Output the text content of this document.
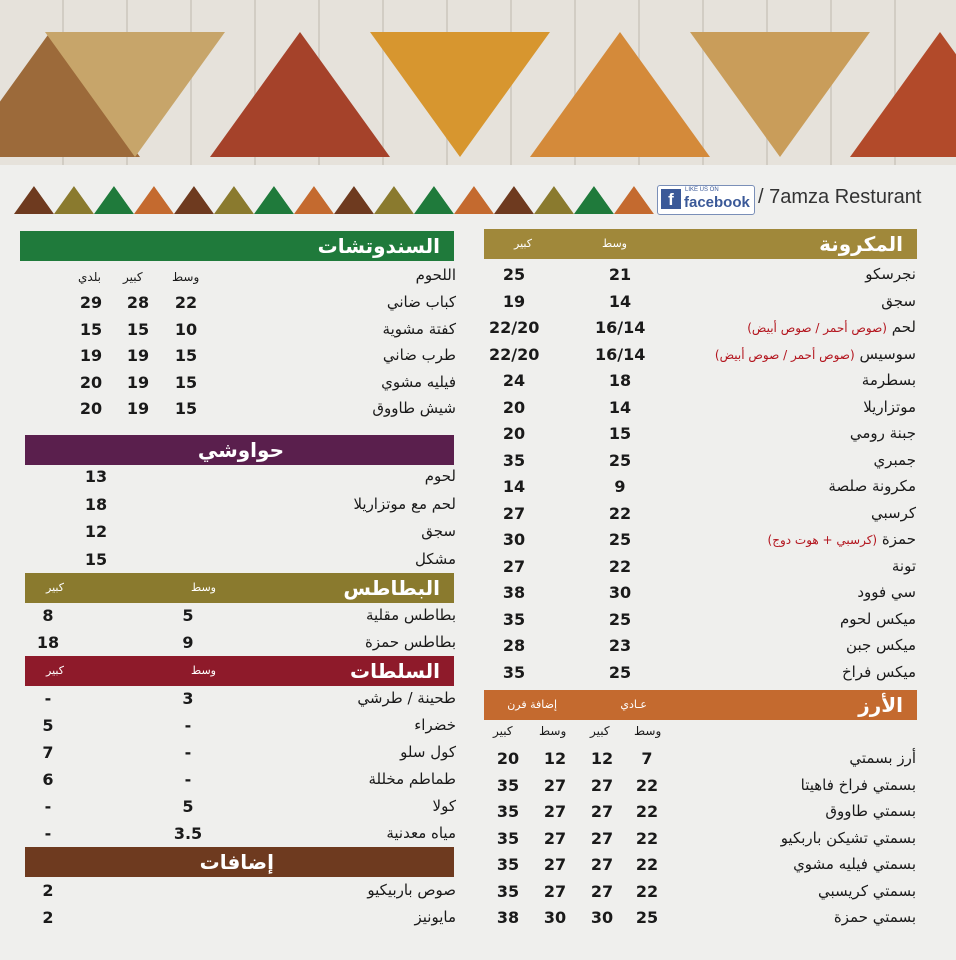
f	LIKE US ON
facebook / 7amza Resturant
المكرونة
وسط
كبير
نجرسكو
21
25
سجق
14
19
لحم (صوص أحمر / صوص أبيض)
16/14
22/20
سوسيس (صوص أحمر / صوص أبيض)
16/14
22/20
بسطرمة
18
24
موتزاريلا
14
20
جبنة رومي
15
20
جمبري
25
35
مكرونة صلصة
9
14
كرسبي
22
27
حمزة (كرسبي + هوت دوج)
25
30
تونة
22
27
سي فوود
30
38
ميكس لحوم
25
35
ميكس جبن
23
28
ميكس فراخ
25
35
الأرز
عـادي
إضافة فرن
وسط
كبير
وسط
كبير
أرز بسمتي
7
12
12
20
بسمتي فراخ فاهيتا
22
27
27
35
بسمتي طاووق
22
27
27
35
بسمتي تشيكن باربكيو
22
27
27
35
بسمتي فيليه مشوي
22
27
27
35
بسمتي كريسبي
22
27
27
35
بسمتي حمزة
25
30
30
38
السندوتشات
اللحوم
وسط
كبير
بلدي
كباب ضاني
22
28
29
كفتة مشوية
10
15
15
طرب ضاني
15
19
19
فيليه مشوي
15
19
20
شيش طاووق
15
19
20
حواوشي
لحوم
13
لحم مع موتزاريلا
18
سجق
12
مشكل
15
البطاطس
وسط
كبير
بطاطس مقلية
5
8
بطاطس حمزة
9
18
السلطات
وسط
كبير
طحينة / طرشي
3
-
خضراء
-
5
كول سلو
-
7
طماطم مخللة
-
6
كولا
5
-
مياه معدنية
3.5
-
إضافات
صوص باربيكيو
2
مايونيز
2
